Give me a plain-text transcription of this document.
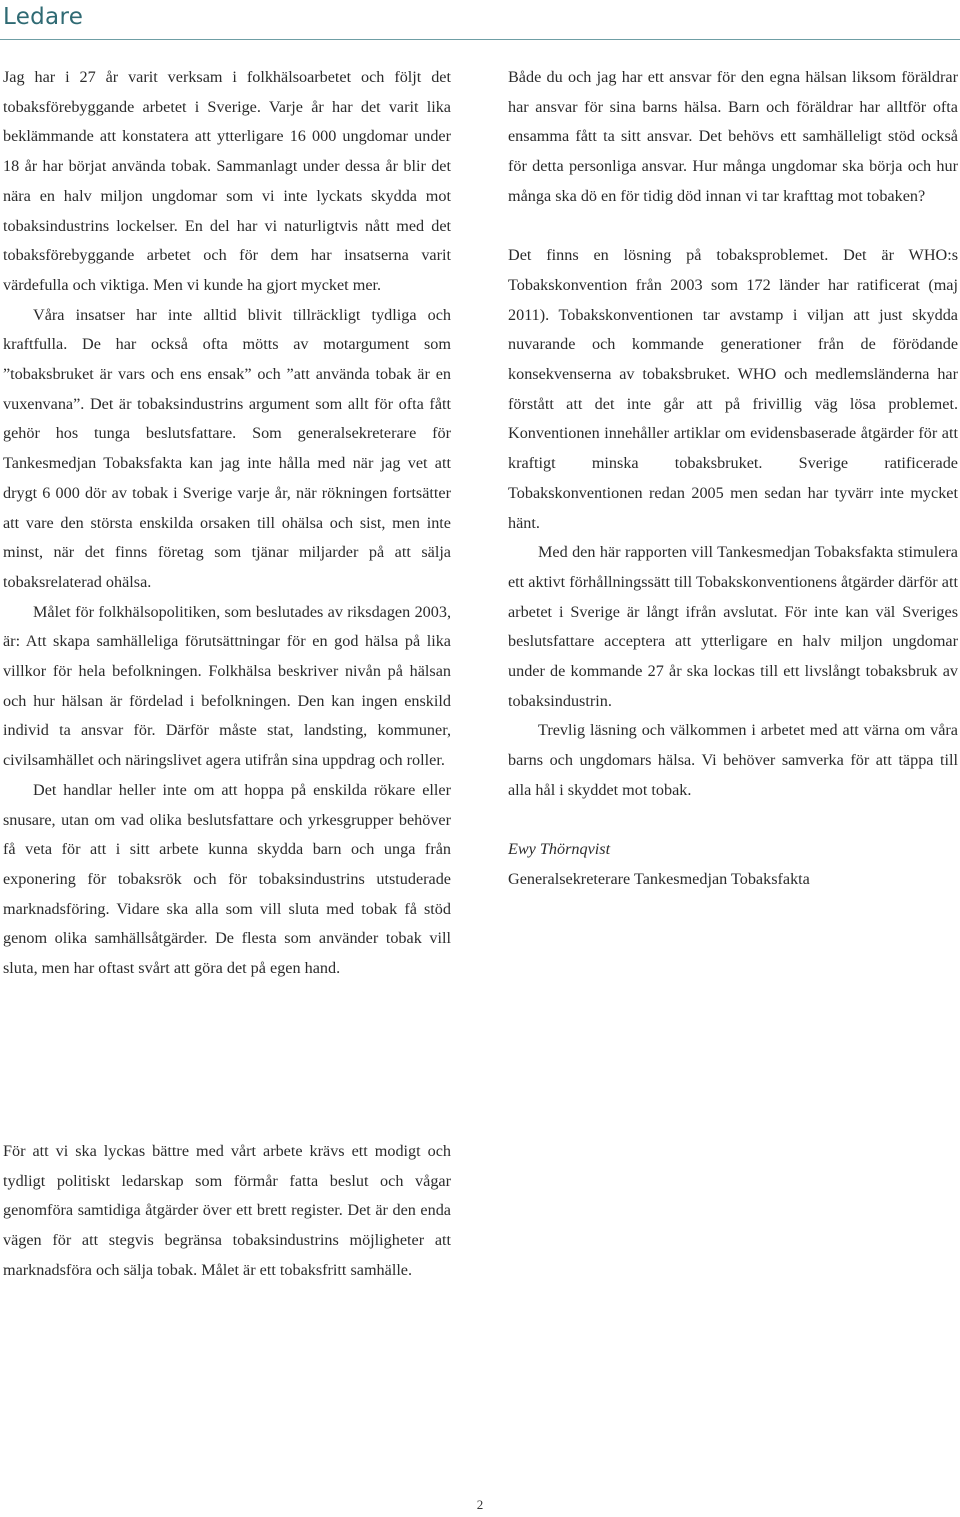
Ledare

Jag har i 27 år varit verksam i folkhälsoarbetet och följt det tobaksförebyggande arbetet i Sverige. Varje år har det varit lika beklämmande att konstatera att ytterligare 16 000 ungdomar under 18 år har börjat använda tobak. Sammanlagt under dessa år blir det nära en halv miljon ungdomar som vi inte lyckats skydda mot tobaksindustrins lockelser. En del har vi naturligtvis nått med det tobaksförebyggande arbetet och för dem har insatserna varit värdefulla och viktiga. Men vi kunde ha gjort mycket mer.

Våra insatser har inte alltid blivit tillräckligt tydliga och kraftfulla. De har också ofta mötts av motargument som ”tobaksbruket är vars och ens ensak” och ”att använda tobak är en vuxenvana”. Det är tobaksindustrins argument som allt för ofta fått gehör hos tunga beslutsfattare. Som generalsekreterare för Tankesmedjan Tobaksfakta kan jag inte hålla med när jag vet att drygt 6 000 dör av tobak i Sverige varje år, när rökningen fortsätter att vare den största enskilda orsaken till ohälsa och sist, men inte minst, när det finns företag som tjänar miljarder på att sälja tobaksrelaterad ohälsa.

Målet för folkhälsopolitiken, som beslutades av riksdagen 2003, är: Att skapa samhälleliga förutsättningar för en god hälsa på lika villkor för hela befolkningen. Folkhälsa beskriver nivån på hälsan och hur hälsan är fördelad i befolkningen. Den kan ingen enskild individ ta ansvar för. Därför måste stat, landsting, kommuner, civilsamhället och näringslivet agera utifrån sina uppdrag och roller.

Det handlar heller inte om att hoppa på enskilda rökare eller snusare, utan om vad olika beslutsfattare och yrkesgrupper behöver få veta för att i sitt arbete kunna skydda barn och unga från exponering för tobaksrök och för tobaksindustrins utstuderade marknadsföring. Vidare ska alla som vill sluta med tobak få stöd genom olika samhällsåtgärder. De flesta som använder tobak vill sluta, men har oftast svårt att göra det på egen hand.

För att vi ska lyckas bättre med vårt arbete krävs ett modigt och tydligt politiskt ledarskap som förmår fatta beslut och vågar genomföra samtidiga åtgärder över ett brett register. Det är den enda vägen för att stegvis begränsa tobaksindustrins möjligheter att marknadsföra och sälja tobak. Målet är ett tobaksfritt samhälle.

Både du och jag har ett ansvar för den egna hälsan liksom föräldrar har ansvar för sina barns hälsa. Barn och föräldrar har alltför ofta ensamma fått ta sitt ansvar. Det behövs ett samhälleligt stöd också för detta personliga ansvar. Hur många ungdomar ska börja och hur många ska dö en för tidig död innan vi tar krafttag mot tobaken?

Det finns en lösning på tobaksproblemet. Det är WHO:s Tobakskonvention från 2003 som 172 länder har ratificerat (maj 2011). Tobakskonventionen tar avstamp i viljan att just skydda nuvarande och kommande generationer från de förödande konsekvenserna av tobaksbruket. WHO och medlemsländerna har förstått att det inte går att på frivillig väg lösa problemet. Konventionen innehåller artiklar om evidensbaserade åtgärder för att kraftigt minska tobaksbruket. Sverige ratificerade Tobakskonventionen redan 2005 men sedan har tyvärr inte mycket hänt.

Med den här rapporten vill Tankesmedjan Tobaksfakta stimulera ett aktivt förhållningssätt till Tobakskonventionens åtgärder därför att arbetet i Sverige är långt ifrån avslutat. För inte kan väl Sveriges beslutsfattare acceptera att ytterligare en halv miljon ungdomar under de kommande 27 år ska lockas till ett livslångt tobaksbruk av tobaksindustrin.

Trevlig läsning och välkommen i arbetet med att värna om våra barns och ungdomars hälsa. Vi behöver samverka för att täppa till alla hål i skyddet mot tobak.

Ewy Thörnqvist

Generalsekreterare Tankesmedjan Tobaksfakta

2
